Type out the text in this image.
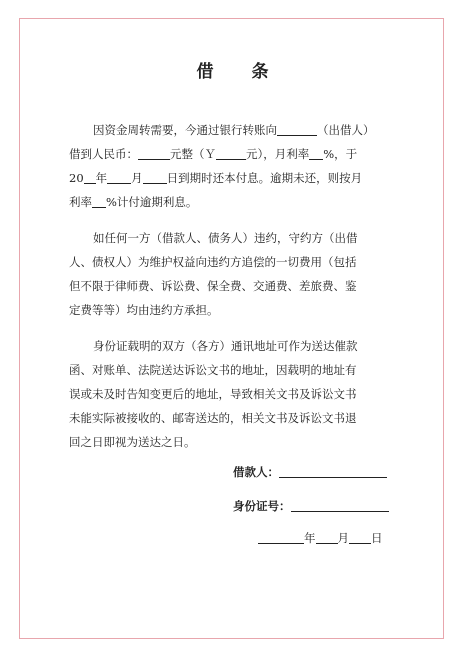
借 条
因资金周转需要，今通过银行转账向	（出借人）
借到人民币：	元整（Ｙ	元），月利率 %，于
20 年 月 日到期时还本付息。逾期未还，则按月
利率 %计付逾期利息。
如任何一方（借款人、债务人）违约，守约方（出借
人、债权人）为维护权益向违约方追偿的一切费用（包括
但不限于律师费、诉讼费、保全费、交通费、差旅费、鉴
定费等等）均由违约方承担。
身份证载明的双方（各方）通讯地址可作为送达催款
函、对账单、法院送达诉讼文书的地址，因载明的地址有
误或未及时告知变更后的地址，导致相关文书及诉讼文书
未能实际被接收的、邮寄送达的，相关文书及诉讼文书退
回之日即视为送达之日。
借款人：
身份证号：
年 月 日
